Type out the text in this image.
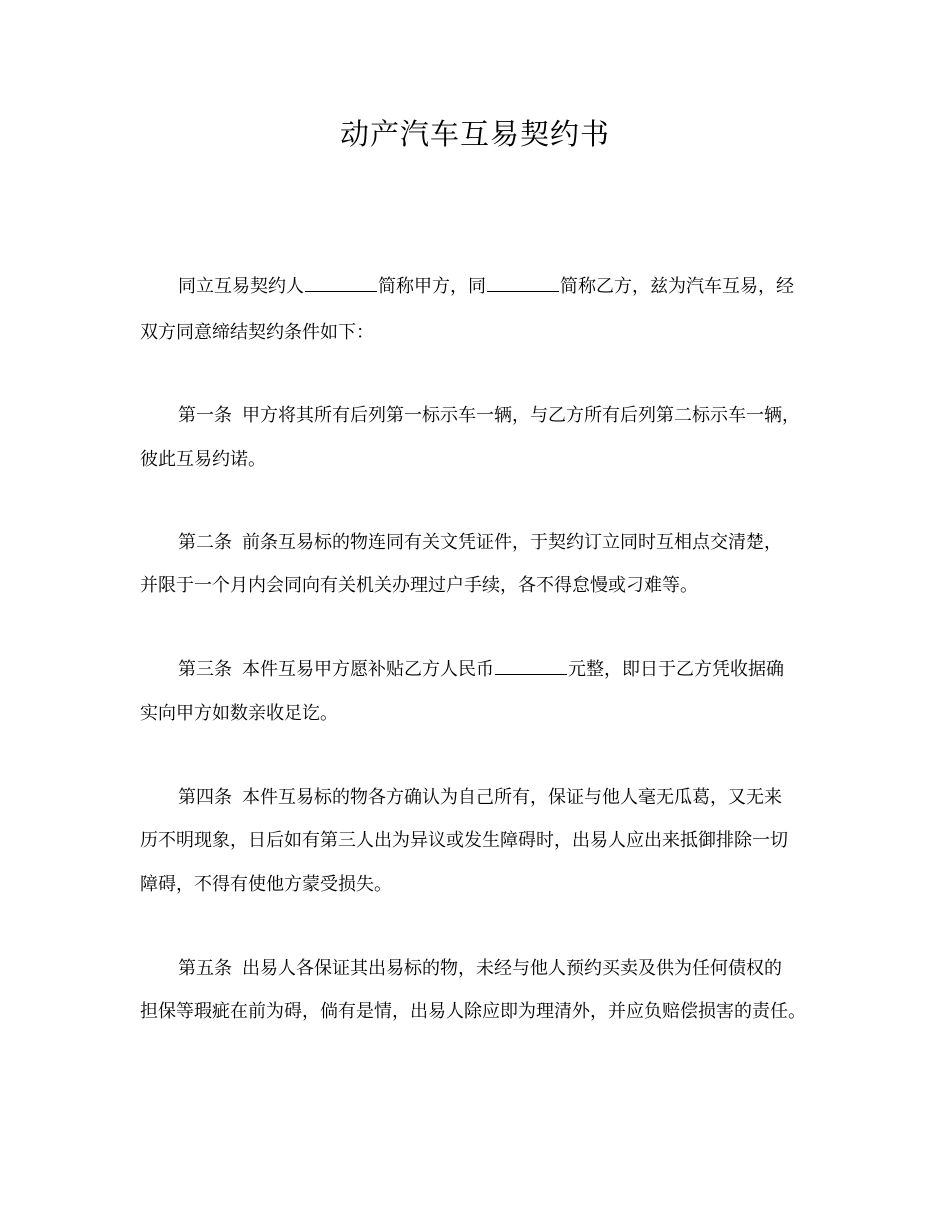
动产汽车互易契约书

同立互易契约人	简称甲方，同	简称乙方，兹为汽车互易，经

双方同意缔结契约条件如下：

第一条 甲方将其所有后列第一标示车一辆，与乙方所有后列第二标示车一辆，

彼此互易约诺。

第二条 前条互易标的物连同有关文凭证件，于契约订立同时互相点交清楚，

并限于一个月内会同向有关机关办理过户手续，各不得怠慢或刁难等。

第三条 本件互易甲方愿补贴乙方人民币	元整，即日于乙方凭收据确

实向甲方如数亲收足讫。

第四条 本件互易标的物各方确认为自己所有，保证与他人毫无瓜葛，又无来

历不明现象，日后如有第三人出为异议或发生障碍时，出易人应出来抵御排除一切

障碍，不得有使他方蒙受损失。

第五条 出易人各保证其出易标的物，未经与他人预约买卖及供为任何债权的

担保等瑕疵在前为碍，倘有是情，出易人除应即为理清外，并应负赔偿损害的责任。
